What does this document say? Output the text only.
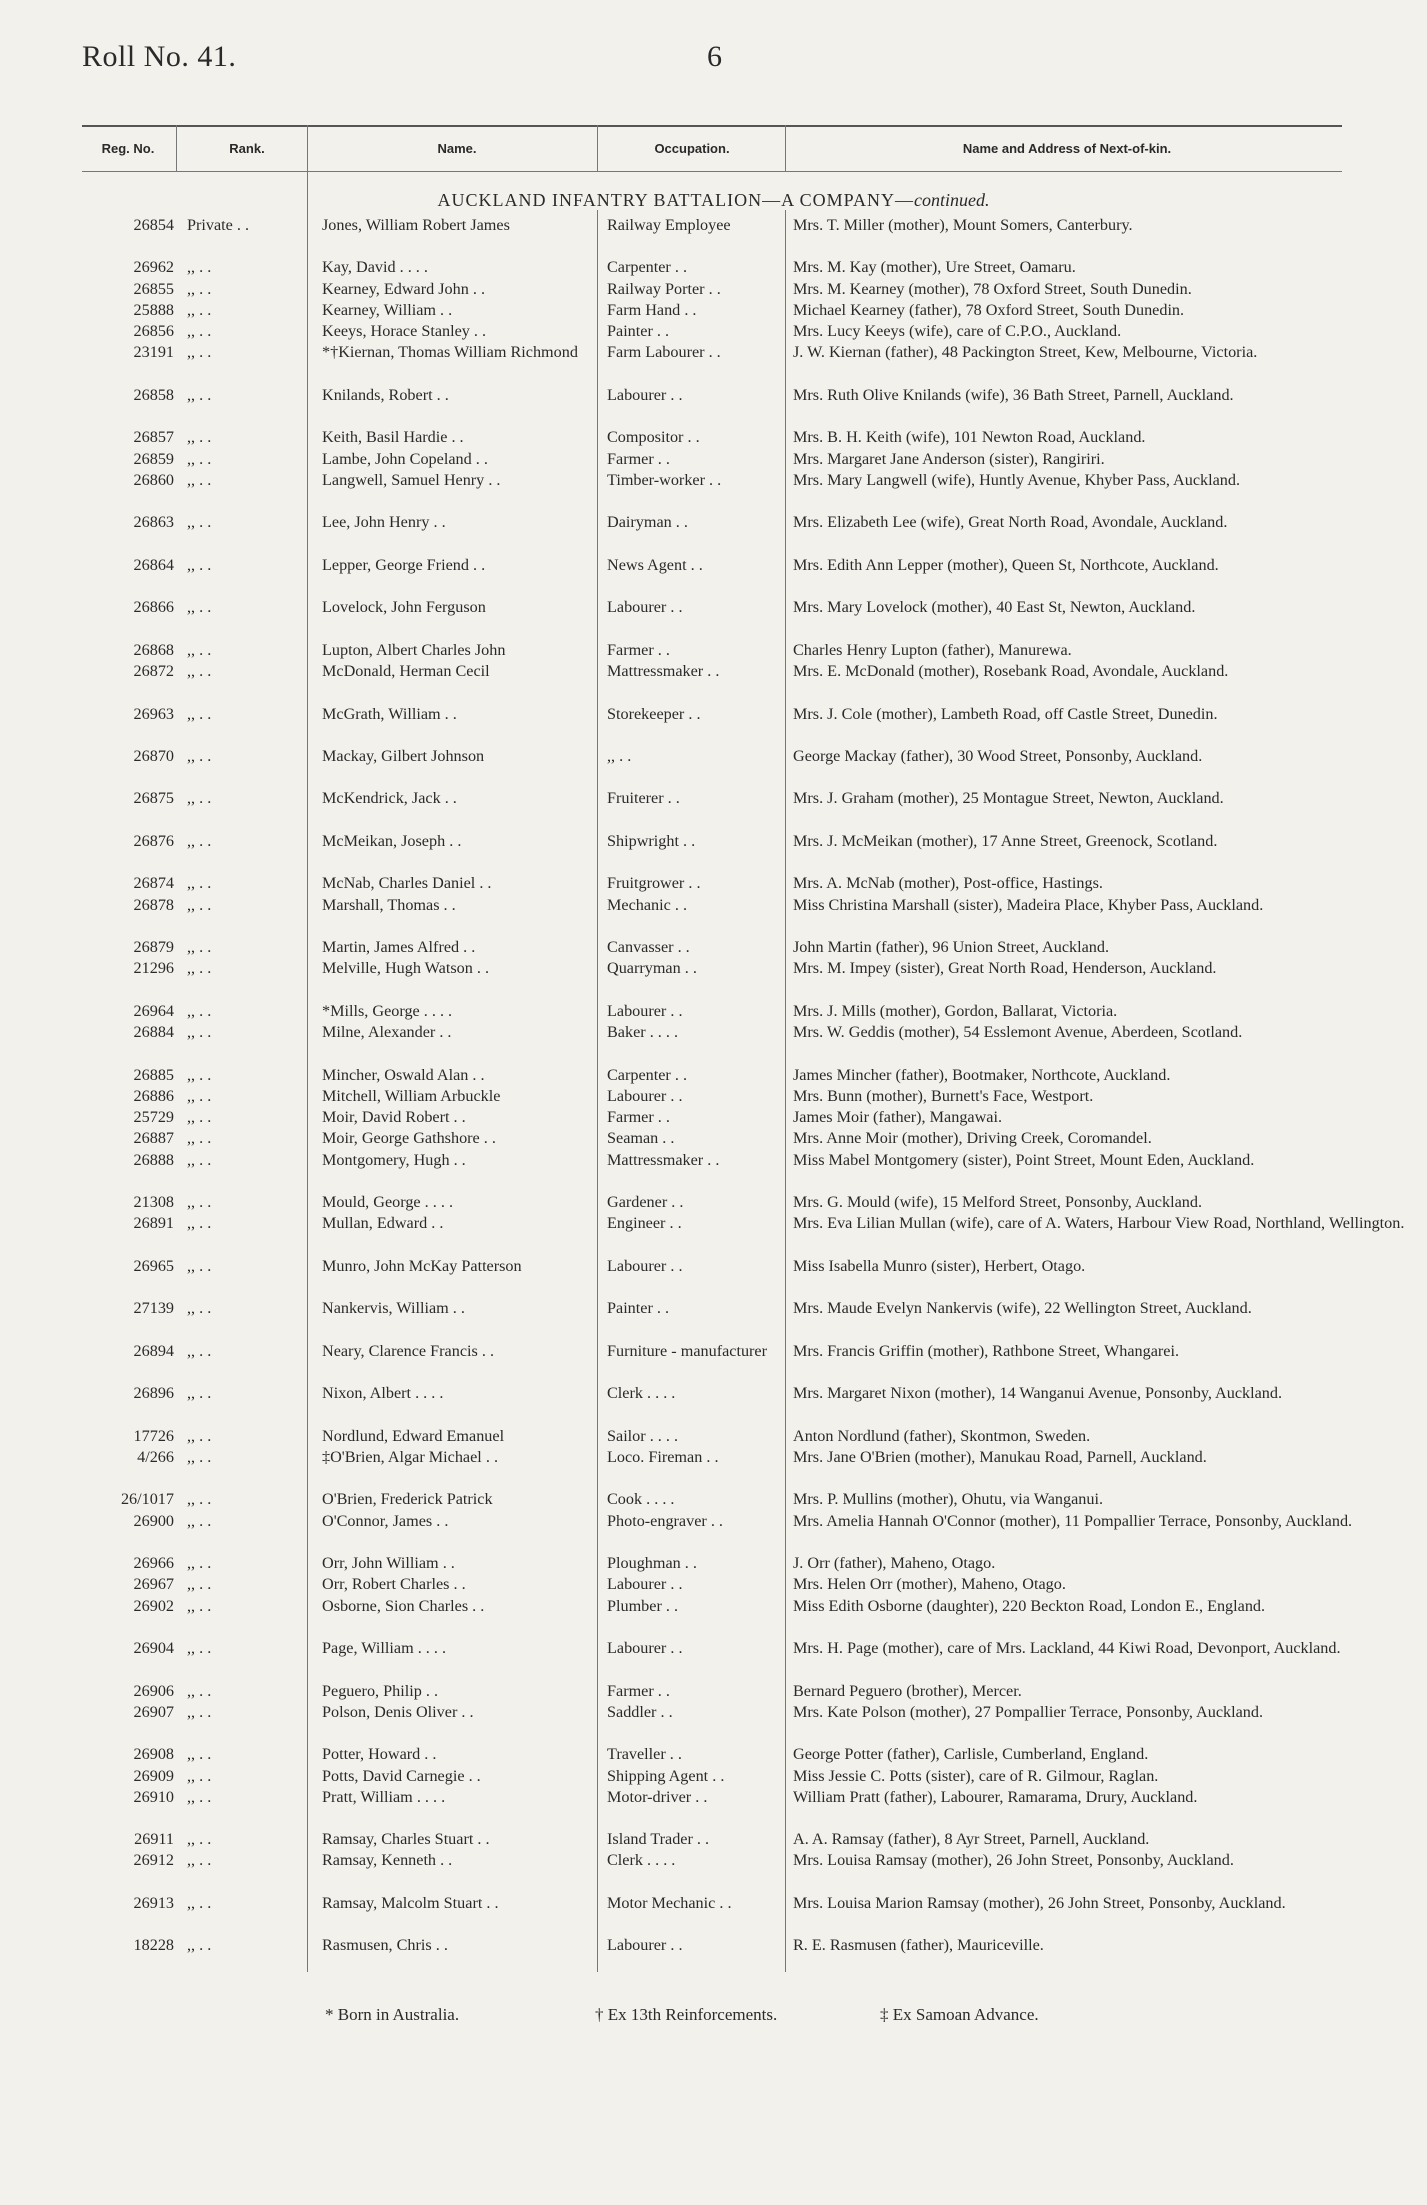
Roll No. 41.	6
Reg. No.	Rank.	Name.	Occupation.	Name and Address of Next-of-kin.
AUCKLAND INFANTRY BATTALION—A COMPANY—continued.
26854 Private . .	Jones, William Robert James	Railway Employee	Mrs. T. Miller (mother), Mount Somers, Canterbury.
26962 ,, . .	Kay, David . . . .	Carpenter . .	Mrs. M. Kay (mother), Ure Street, Oamaru.
26855 ,, . .	Kearney, Edward John . .	Railway Porter . .	Mrs. M. Kearney (mother), 78 Oxford Street, South Dunedin.
25888 ,, . .	Kearney, William . .	Farm Hand . .	Michael Kearney (father), 78 Oxford Street, South Dunedin.
26856 ,, . .	Keeys, Horace Stanley . .	Painter . .	Mrs. Lucy Keeys (wife), care of C.P.O., Auckland.
23191 ,, . .	*†Kiernan, Thomas William Richmond	Farm Labourer . .	J. W. Kiernan (father), 48 Packington Street, Kew, Melbourne, Victoria.
26858 ,, . .	Knilands, Robert . .	Labourer . .	Mrs. Ruth Olive Knilands (wife), 36 Bath Street, Parnell, Auckland.
26857 ,, . .	Keith, Basil Hardie . .	Compositor . .	Mrs. B. H. Keith (wife), 101 Newton Road, Auckland.
26859 ,, . .	Lambe, John Copeland . .	Farmer . .	Mrs. Margaret Jane Anderson (sister), Rangiriri.
26860 ,, . .	Langwell, Samuel Henry . .	Timber-worker . .	Mrs. Mary Langwell (wife), Huntly Avenue, Khyber Pass, Auckland.
26863 ,, . .	Lee, John Henry . .	Dairyman . .	Mrs. Elizabeth Lee (wife), Great North Road, Avondale, Auckland.
26864 ,, . .	Lepper, George Friend . .	News Agent . .	Mrs. Edith Ann Lepper (mother), Queen St, Northcote, Auckland.
26866 ,, . .	Lovelock, John Ferguson	Labourer . .	Mrs. Mary Lovelock (mother), 40 East St, Newton, Auckland.
26868 ,, . .	Lupton, Albert Charles John	Farmer . .	Charles Henry Lupton (father), Manurewa.
26872 ,, . .	McDonald, Herman Cecil	Mattressmaker . .	Mrs. E. McDonald (mother), Rosebank Road, Avondale, Auckland.
26963 ,, . .	McGrath, William . .	Storekeeper . .	Mrs. J. Cole (mother), Lambeth Road, off Castle Street, Dunedin.
26870 ,, . .	Mackay, Gilbert Johnson	,, . .	George Mackay (father), 30 Wood Street, Ponsonby, Auckland.
26875 ,, . .	McKendrick, Jack . .	Fruiterer . .	Mrs. J. Graham (mother), 25 Montague Street, Newton, Auckland.
26876 ,, . .	McMeikan, Joseph . .	Shipwright . .	Mrs. J. McMeikan (mother), 17 Anne Street, Greenock, Scotland.
26874 ,, . .	McNab, Charles Daniel . .	Fruitgrower . .	Mrs. A. McNab (mother), Post-office, Hastings.
26878 ,, . .	Marshall, Thomas . .	Mechanic . .	Miss Christina Marshall (sister), Madeira Place, Khyber Pass, Auckland.
26879 ,, . .	Martin, James Alfred . .	Canvasser . .	John Martin (father), 96 Union Street, Auckland.
21296 ,, . .	Melville, Hugh Watson . .	Quarryman . .	Mrs. M. Impey (sister), Great North Road, Henderson, Auckland.
26964 ,, . .	*Mills, George . . . .	Labourer . .	Mrs. J. Mills (mother), Gordon, Ballarat, Victoria.
26884 ,, . .	Milne, Alexander . .	Baker . . . .	Mrs. W. Geddis (mother), 54 Esslemont Avenue, Aberdeen, Scotland.
26885 ,, . .	Mincher, Oswald Alan . .	Carpenter . .	James Mincher (father), Bootmaker, Northcote, Auckland.
26886 ,, . .	Mitchell, William Arbuckle	Labourer . .	Mrs. Bunn (mother), Burnett's Face, Westport.
25729 ,, . .	Moir, David Robert . .	Farmer . .	James Moir (father), Mangawai.
26887 ,, . .	Moir, George Gathshore . .	Seaman . .	Mrs. Anne Moir (mother), Driving Creek, Coromandel.
26888 ,, . .	Montgomery, Hugh . .	Mattressmaker . .	Miss Mabel Montgomery (sister), Point Street, Mount Eden, Auckland.
21308 ,, . .	Mould, George . . . .	Gardener . .	Mrs. G. Mould (wife), 15 Melford Street, Ponsonby, Auckland.
26891 ,, . .	Mullan, Edward . .	Engineer . .	Mrs. Eva Lilian Mullan (wife), care of A. Waters, Harbour View Road, Northland, Wellington.
26965 ,, . .	Munro, John McKay Patterson	Labourer . .	Miss Isabella Munro (sister), Herbert, Otago.
27139 ,, . .	Nankervis, William . .	Painter . .	Mrs. Maude Evelyn Nankervis (wife), 22 Wellington Street, Auckland.
26894 ,, . .	Neary, Clarence Francis . .	Furniture - manufacturer	Mrs. Francis Griffin (mother), Rathbone Street, Whangarei.
26896 ,, . .	Nixon, Albert . . . .	Clerk . . . .	Mrs. Margaret Nixon (mother), 14 Wanganui Avenue, Ponsonby, Auckland.
17726 ,, . .	Nordlund, Edward Emanuel	Sailor . . . .	Anton Nordlund (father), Skontmon, Sweden.
4/266 ,, . .	‡O'Brien, Algar Michael . .	Loco. Fireman . .	Mrs. Jane O'Brien (mother), Manukau Road, Parnell, Auckland.
26/1017 ,, . .	O'Brien, Frederick Patrick	Cook . . . .	Mrs. P. Mullins (mother), Ohutu, via Wanganui.
26900 ,, . .	O'Connor, James . .	Photo-engraver . .	Mrs. Amelia Hannah O'Connor (mother), 11 Pompallier Terrace, Ponsonby, Auckland.
26966 ,, . .	Orr, John William . .	Ploughman . .	J. Orr (father), Maheno, Otago.
26967 ,, . .	Orr, Robert Charles . .	Labourer . .	Mrs. Helen Orr (mother), Maheno, Otago.
26902 ,, . .	Osborne, Sion Charles . .	Plumber . .	Miss Edith Osborne (daughter), 220 Beckton Road, London E., England.
26904 ,, . .	Page, William . . . .	Labourer . .	Mrs. H. Page (mother), care of Mrs. Lackland, 44 Kiwi Road, Devonport, Auckland.
26906 ,, . .	Peguero, Philip . .	Farmer . .	Bernard Peguero (brother), Mercer.
26907 ,, . .	Polson, Denis Oliver . .	Saddler . .	Mrs. Kate Polson (mother), 27 Pompallier Terrace, Ponsonby, Auckland.
26908 ,, . .	Potter, Howard . .	Traveller . .	George Potter (father), Carlisle, Cumberland, England.
26909 ,, . .	Potts, David Carnegie . .	Shipping Agent . .	Miss Jessie C. Potts (sister), care of R. Gilmour, Raglan.
26910 ,, . .	Pratt, William . . . .	Motor-driver . .	William Pratt (father), Labourer, Ramarama, Drury, Auckland.
26911 ,, . .	Ramsay, Charles Stuart . .	Island Trader . .	A. A. Ramsay (father), 8 Ayr Street, Parnell, Auckland.
26912 ,, . .	Ramsay, Kenneth . .	Clerk . . . .	Mrs. Louisa Ramsay (mother), 26 John Street, Ponsonby, Auckland.
26913 ,, . .	Ramsay, Malcolm Stuart . .	Motor Mechanic . .	Mrs. Louisa Marion Ramsay (mother), 26 John Street, Ponsonby, Auckland.
18228 ,, . .	Rasmusen, Chris . .	Labourer . .	R. E. Rasmusen (father), Mauriceville.
* Born in Australia.	† Ex 13th Reinforcements.	‡ Ex Samoan Advance.
